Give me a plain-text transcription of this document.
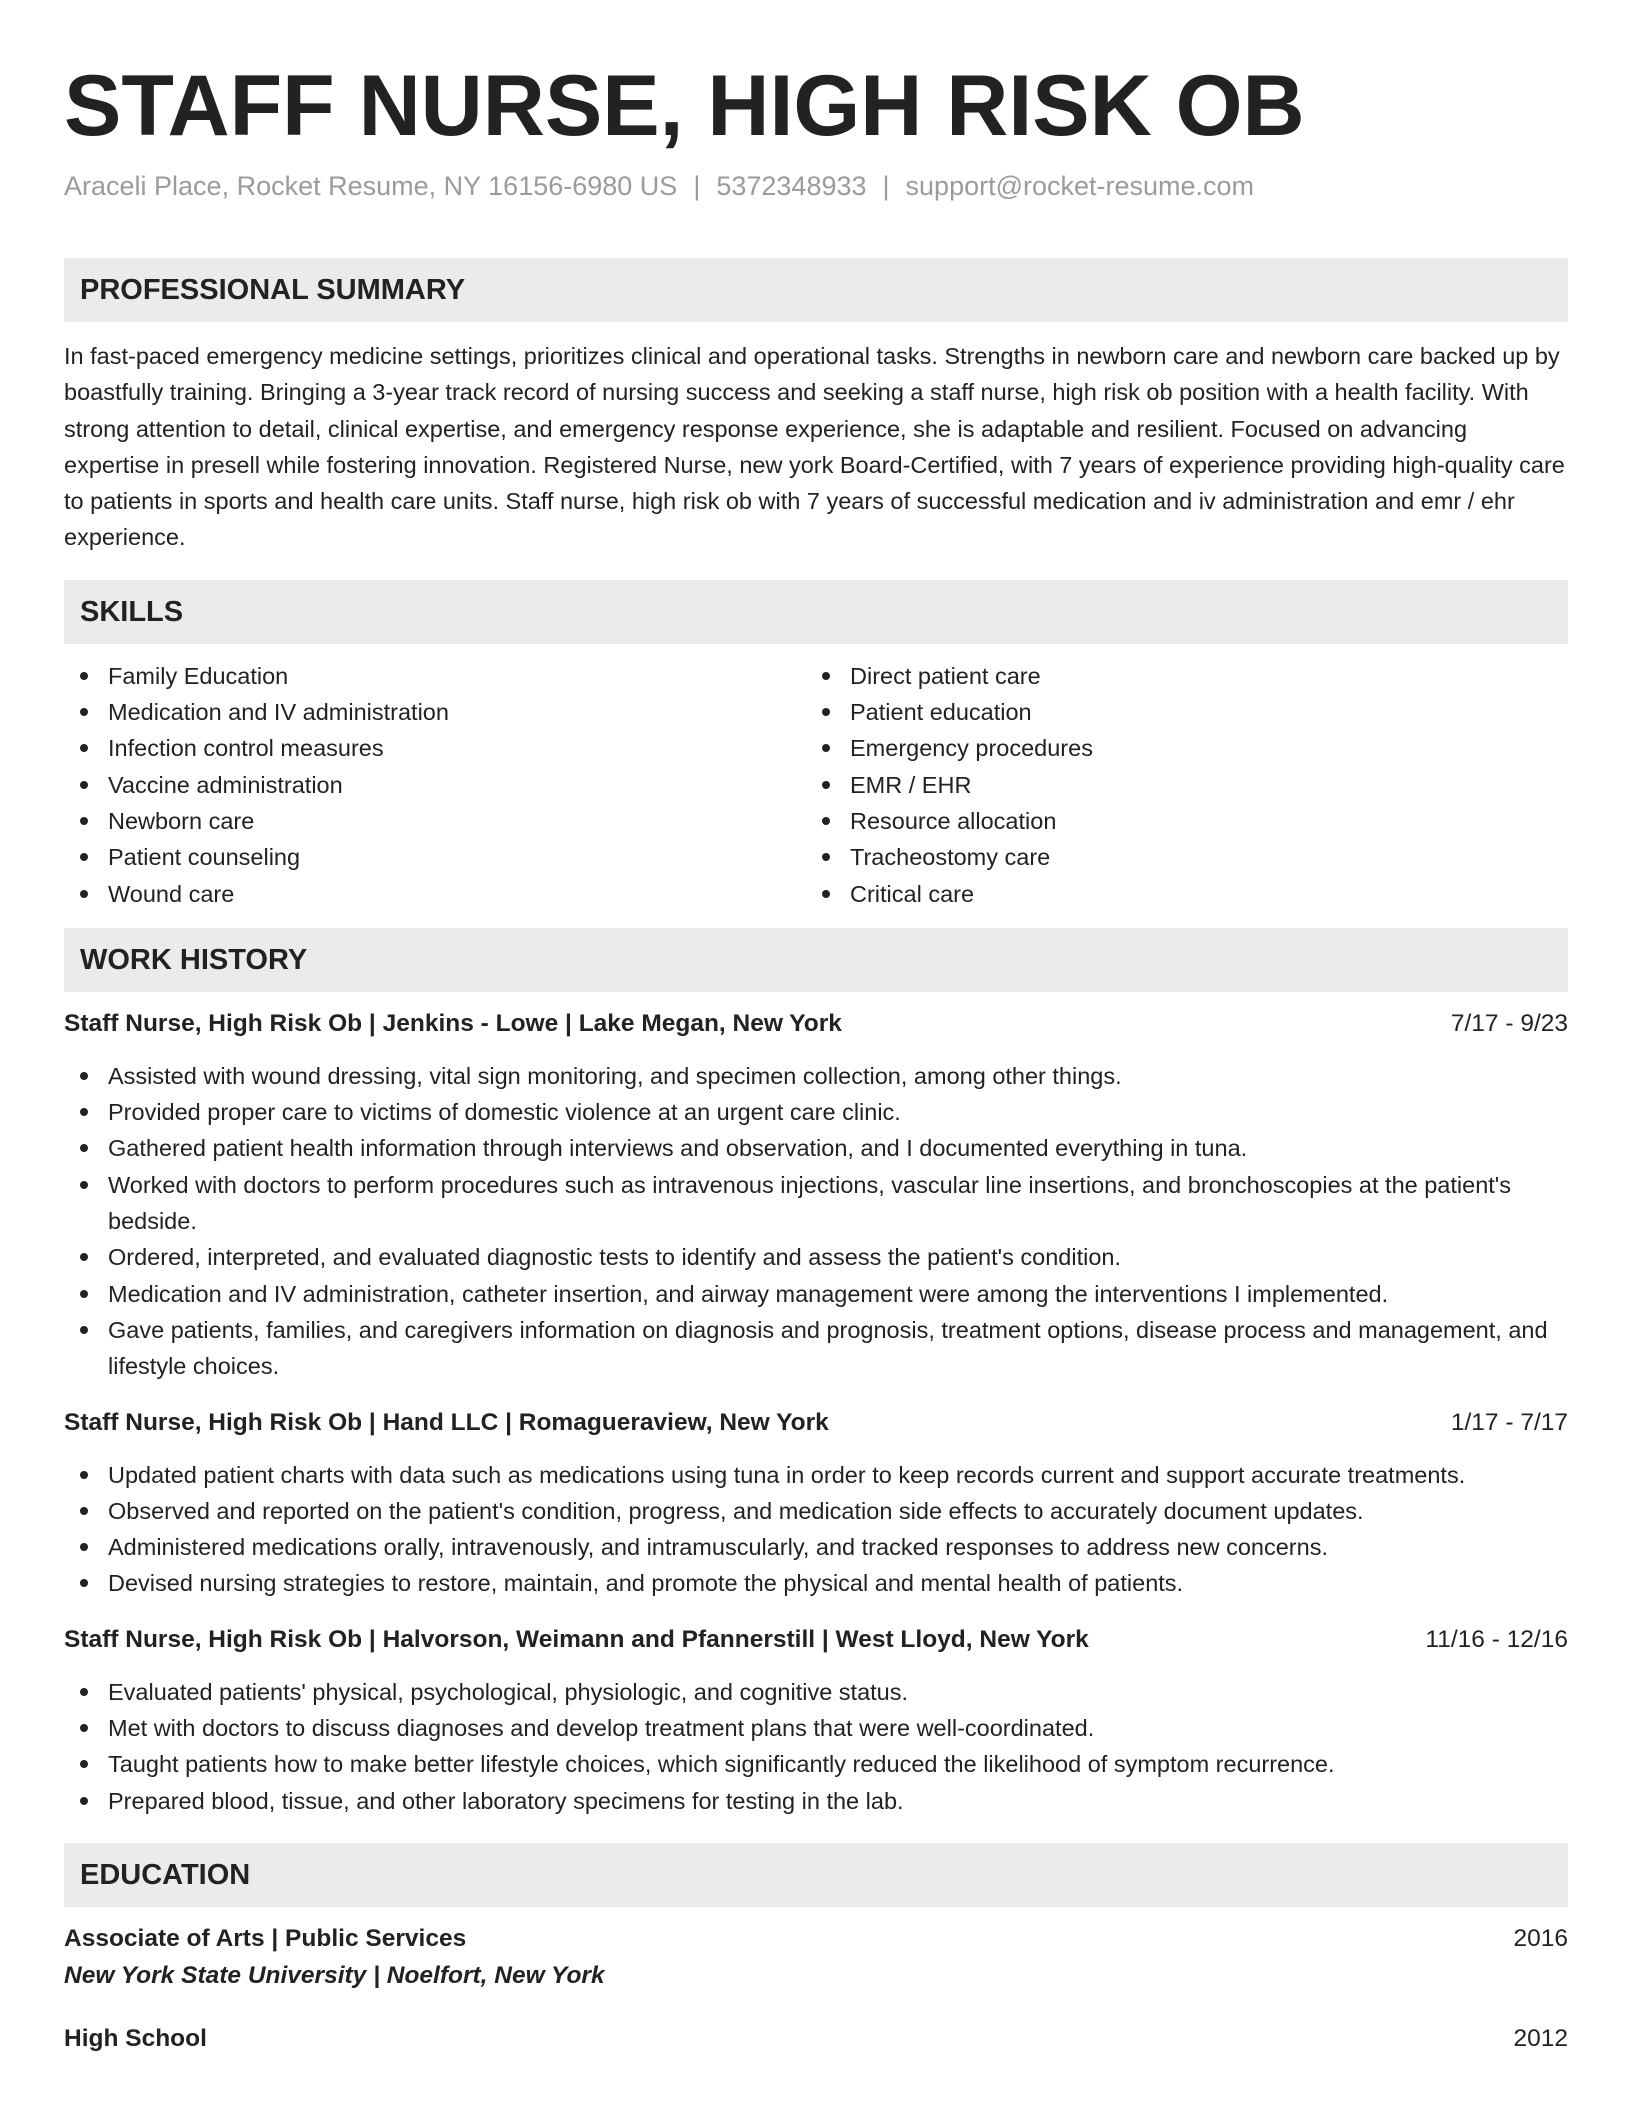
STAFF NURSE, HIGH RISK OB
Araceli Place, Rocket Resume, NY 16156-6980 US | 5372348933 | support@rocket-resume.com
PROFESSIONAL SUMMARY
In fast-paced emergency medicine settings, prioritizes clinical and operational tasks. Strengths in newborn care and newborn care backed up by boastfully training. Bringing a 3-year track record of nursing success and seeking a staff nurse, high risk ob position with a health facility. With strong attention to detail, clinical expertise, and emergency response experience, she is adaptable and resilient. Focused on advancing expertise in presell while fostering innovation. Registered Nurse, new york Board-Certified, with 7 years of experience providing high-quality care to patients in sports and health care units. Staff nurse, high risk ob with 7 years of successful medication and iv administration and emr / ehr experience.
SKILLS
Family Education
Medication and IV administration
Infection control measures
Vaccine administration
Newborn care
Patient counseling
Wound care
Direct patient care
Patient education
Emergency procedures
EMR / EHR
Resource allocation
Tracheostomy care
Critical care
WORK HISTORY
Staff Nurse, High Risk Ob | Jenkins - Lowe | Lake Megan, New York	7/17 - 9/23
Assisted with wound dressing, vital sign monitoring, and specimen collection, among other things.
Provided proper care to victims of domestic violence at an urgent care clinic.
Gathered patient health information through interviews and observation, and I documented everything in tuna.
Worked with doctors to perform procedures such as intravenous injections, vascular line insertions, and bronchoscopies at the patient's bedside.
Ordered, interpreted, and evaluated diagnostic tests to identify and assess the patient's condition.
Medication and IV administration, catheter insertion, and airway management were among the interventions I implemented.
Gave patients, families, and caregivers information on diagnosis and prognosis, treatment options, disease process and management, and lifestyle choices.
Staff Nurse, High Risk Ob | Hand LLC | Romagueraview, New York	1/17 - 7/17
Updated patient charts with data such as medications using tuna in order to keep records current and support accurate treatments.
Observed and reported on the patient's condition, progress, and medication side effects to accurately document updates.
Administered medications orally, intravenously, and intramuscularly, and tracked responses to address new concerns.
Devised nursing strategies to restore, maintain, and promote the physical and mental health of patients.
Staff Nurse, High Risk Ob | Halvorson, Weimann and Pfannerstill | West Lloyd, New York	11/16 - 12/16
Evaluated patients' physical, psychological, physiologic, and cognitive status.
Met with doctors to discuss diagnoses and develop treatment plans that were well-coordinated.
Taught patients how to make better lifestyle choices, which significantly reduced the likelihood of symptom recurrence.
Prepared blood, tissue, and other laboratory specimens for testing in the lab.
EDUCATION
Associate of Arts | Public Services	2016
New York State University | Noelfort, New York
High School	2012
